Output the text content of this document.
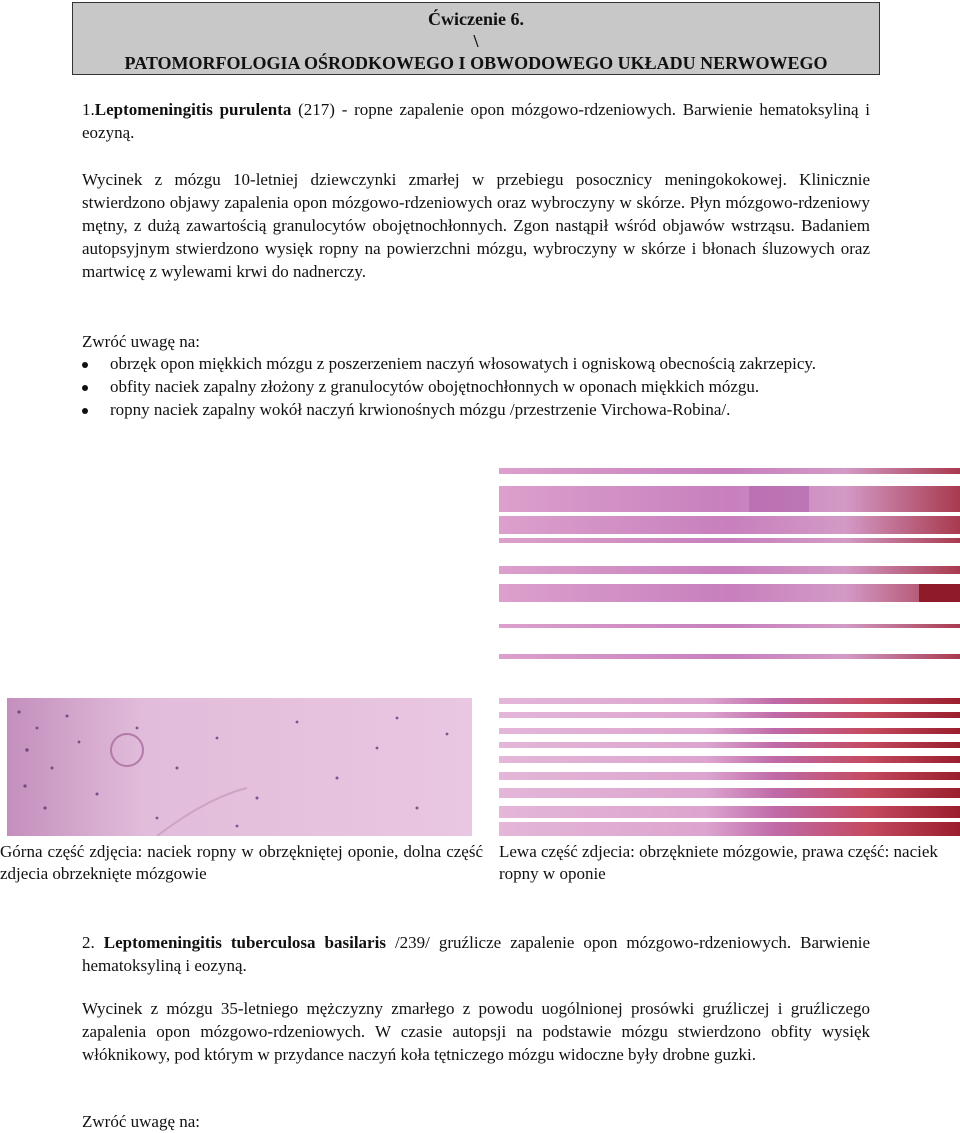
Ćwiczenie 6.
\
PATOMORFOLOGIA OŚRODKOWEGO I OBWODOWEGO UKŁADU NERWOWEGO
1.Leptomeningitis purulenta (217) - ropne zapalenie opon mózgowo-rdzeniowych. Barwienie hematoksyliną i eozyną.
Wycinek z mózgu 10-letniej dziewczynki zmarłej w przebiegu posocznicy meningokokowej. Klinicznie stwierdzono objawy zapalenia opon mózgowo-rdzeniowych oraz wybroczyny w skórze. Płyn mózgowo-rdzeniowy mętny, z dużą zawartością granulocytów obojętnochłonnych. Zgon nastąpił wśród objawów wstrząsu. Badaniem autopsyjnym stwierdzono wysięk ropny na powierzchni mózgu, wybroczyny w skórze i błonach śluzowych oraz martwicę z wylewami krwi do nadnerczy.
Zwróć uwagę na:
obrzęk opon miękkich mózgu z poszerzeniem naczyń włosowatych i ogniskową obecnością zakrzepicy.
obfity naciek zapalny złożony z granulocytów obojętnochłonnych w oponach miękkich mózgu.
ropny naciek zapalny wokół naczyń krwionośnych mózgu /przestrzenie Virchowa-Robina/.
Górna część zdjęcia: naciek ropny w obrzękniętej oponie, dolna część zdjecia obrzeknięte mózgowie
Lewa część zdjecia: obrzękniete mózgowie, prawa część: naciek ropny w oponie
2. Leptomeningitis tuberculosa basilaris /239/ gruźlicze zapalenie opon mózgowo-rdzeniowych. Barwienie hematoksyliną i eozyną.
Wycinek z mózgu 35-letniego mężczyzny zmarłego z powodu uogólnionej prosówki gruźliczej i gruźliczego zapalenia opon mózgowo-rdzeniowych. W czasie autopsji na podstawie mózgu stwierdzono obfity wysięk włóknikowy, pod którym w przydance naczyń koła tętniczego mózgu widoczne były drobne guzki.
Zwróć uwagę na:
